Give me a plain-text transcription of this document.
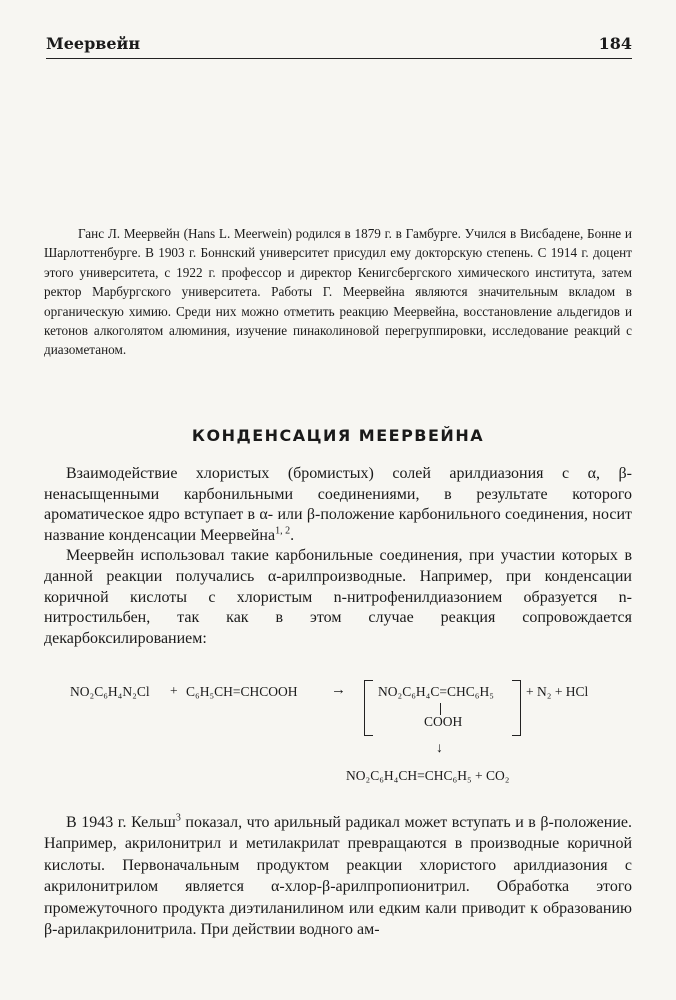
Меервейн	184

Ганс Л. Меервейн (Hans L. Meerwein) родился в 1879 г. в Гамбурге. Учился в Висбадене, Бонне и Шарлоттенбурге. В 1903 г. Боннский университет присудил ему докторскую степень. С 1914 г. доцент этого университета, с 1922 г. профессор и директор Кенигсбергского химического института, затем ректор Марбургского университета. Работы Г. Меервейна являются значительным вкладом в органическую химию. Среди них можно отметить реакцию Меервейна, восстановление альдегидов и кетонов алкоголятом алюминия, изучение пинаколиновой перегруппировки, исследование реакций с диазометаном.

КОНДЕНСАЦИЯ МЕЕРВЕЙНА

Взаимодействие хлористых (бромистых) солей арилдиазония с α, β-ненасыщенными карбонильными соединениями, в результате которого ароматическое ядро вступает в α- или β-положение карбонильного соединения, носит название конденсации Меервейна$^{1, 2}$.

Меервейн использовал такие карбонильные соединения, при участии которых в данной реакции получались α-арилпроизводные. Например, при конденсации коричной кислоты с хлористым n-нитрофенилдиазонием образуется n-нитростильбен, так как в этом случае реакция сопровождается декарбоксилированием:

NO₂C₆H₄N₂Cl + C₆H₅CH=CHCOOH → NO₂C₆H₄C=CHC₆H₅
COOH
+ N₂ + HCl
↓
NO₂C₆H₄CH=CHC₆H₅ + CO₂

В 1943 г. Кельш$^3$ показал, что арильный радикал может вступать и в β-положение. Например, акрилонитрил и метилакрилат превращаются в производные коричной кислоты. Первоначальным продуктом реакции хлористого арилдиазония с акрилонитрилом является α-хлор-β-арилпропионитрил. Обработка этого промежуточного продукта диэтиланилином или едким кали приводит к образованию β-арилакрилонитрила. При действии водного ам-
